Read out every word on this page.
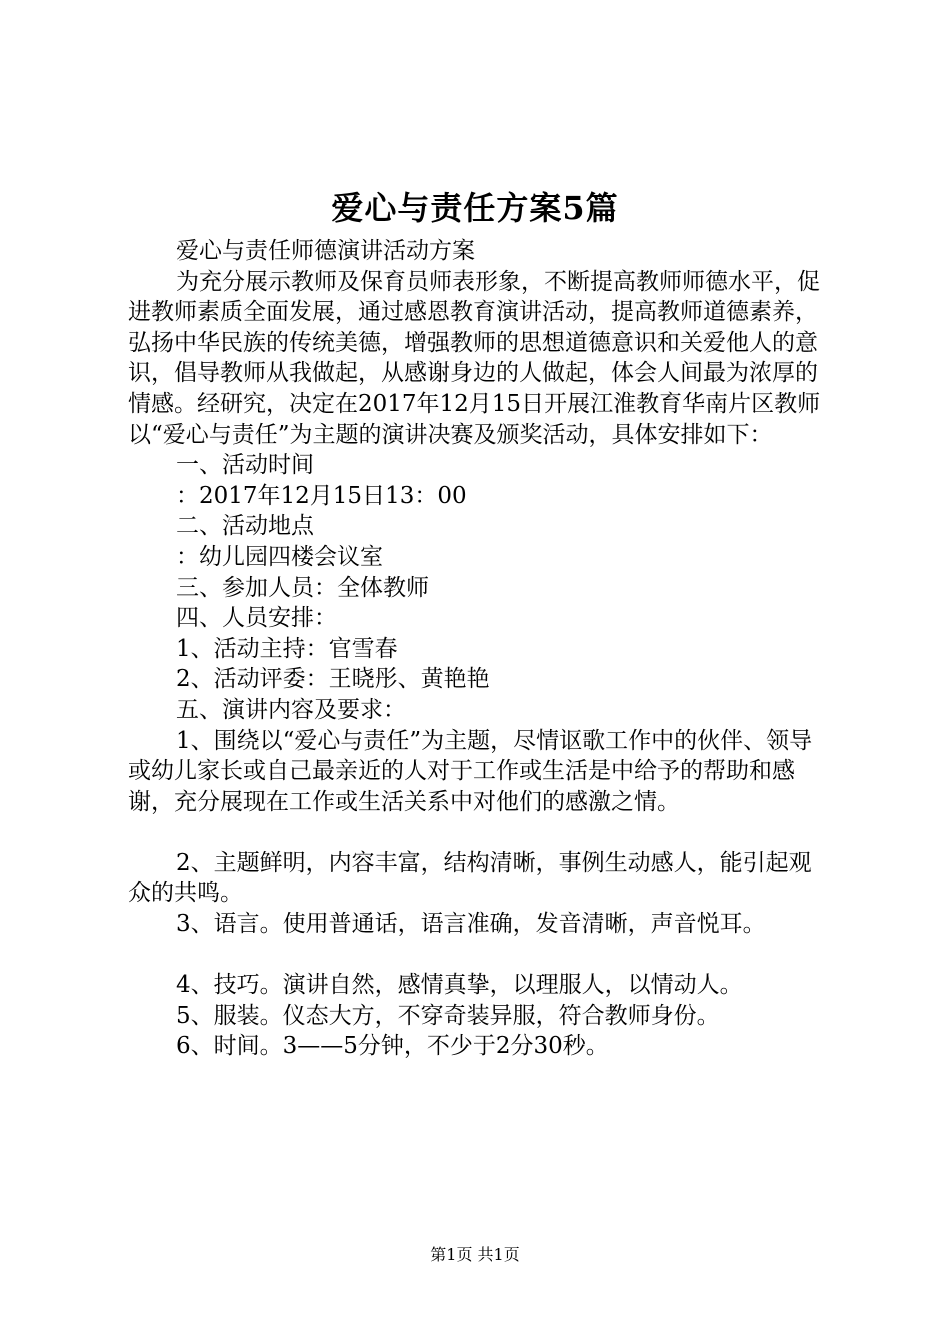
爱心与责任方案5篇

爱心与责任师德演讲活动方案

为充分展示教师及保育员师表形象，不断提高教师师德水平，促进教师素质全面发展，通过感恩教育演讲活动，提高教师道德素养，弘扬中华民族的传统美德，增强教师的思想道德意识和关爱他人的意识，倡导教师从我做起，从感谢身边的人做起，体会人间最为浓厚的情感。经研究，决定在2017年12月15日开展江淮教育华南片区教师以“爱心与责任”为主题的演讲决赛及颁奖活动，具体安排如下：

一、活动时间

：2017年12月15日13：00

二、活动地点

：幼儿园四楼会议室

三、参加人员：全体教师

四、人员安排：

1、活动主持：官雪春

2、活动评委：王晓彤、黄艳艳

五、演讲内容及要求：

1、围绕以“爱心与责任”为主题，尽情讴歌工作中的伙伴、领导或幼儿家长或自己最亲近的人对于工作或生活是中给予的帮助和感谢，充分展现在工作或生活关系中对他们的感激之情。

2、主题鲜明，内容丰富，结构清晰，事例生动感人，能引起观众的共鸣。

3、语言。使用普通话，语言准确，发音清晰，声音悦耳。

4、技巧。演讲自然，感情真挚，以理服人，以情动人。

5、服装。仪态大方，不穿奇装异服，符合教师身份。

6、时间。3——5分钟，不少于2分30秒。

第1页 共1页
